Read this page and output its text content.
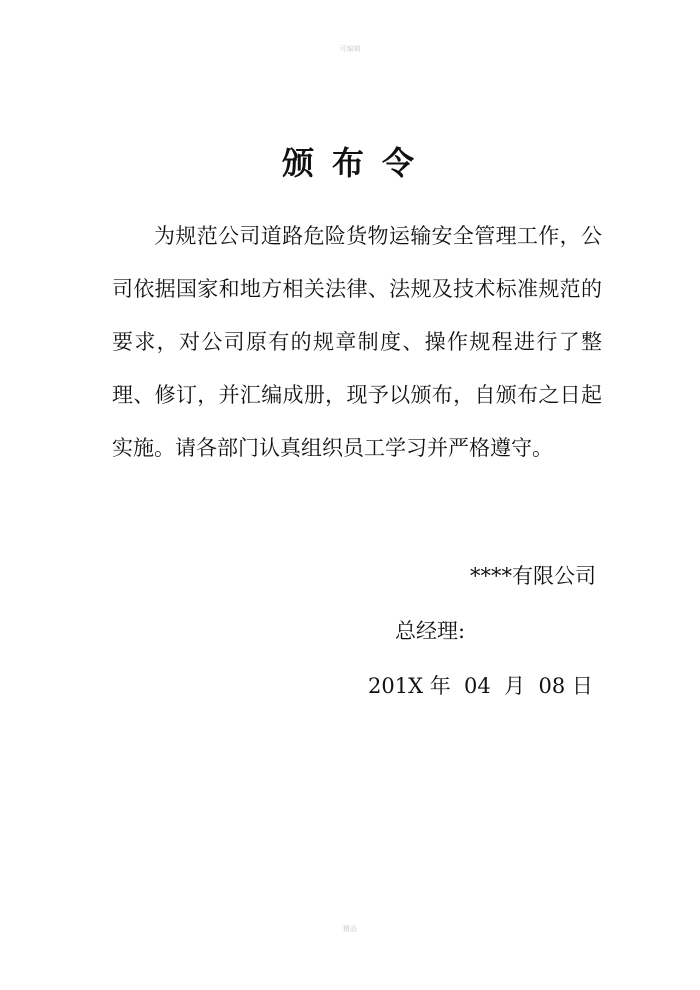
可编辑
颁布令

为规范公司道路危险货物运输安全管理工作，公司依据国家和地方相关法律、法规及技术标准规范的要求，对公司原有的规章制度、操作规程进行了整理、修订，并汇编成册，现予以颁布，自颁布之日起实施。请各部门认真组织员工学习并严格遵守。

****有限公司
总经理:
201X 年  04  月  08 日
精品
